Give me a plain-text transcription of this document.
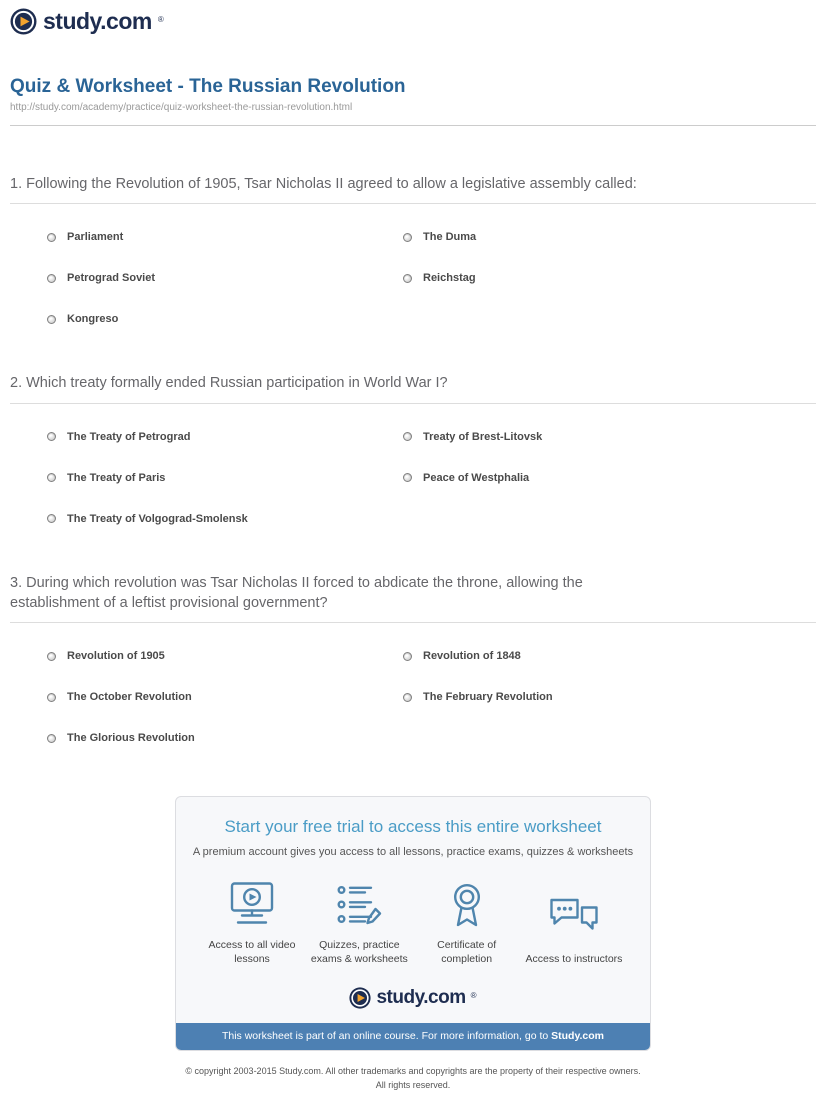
study.com ®
Quiz & Worksheet - The Russian Revolution

http://study.com/academy/practice/quiz-worksheet-the-russian-revolution.html

1. Following the Revolution of 1905, Tsar Nicholas II agreed to allow a legislative assembly called:

Parliament
Petrograd Soviet
Kongreso
The Duma
Reichstag

2. Which treaty formally ended Russian participation in World War I?

The Treaty of Petrograd
The Treaty of Paris
The Treaty of Volgograd-Smolensk
Treaty of Brest-Litovsk
Peace of Westphalia

3. During which revolution was Tsar Nicholas II forced to abdicate the throne, allowing the establishment of a leftist provisional government?

Revolution of 1905
The October Revolution
The Glorious Revolution
Revolution of 1848
The February Revolution
Start your free trial to access this entire worksheet

A premium account gives you access to all lessons, practice exams, quizzes & worksheets

Access to all video lessons
Quizzes, practice exams & worksheets
Certificate of completion	Access to instructors
study.com ®
This worksheet is part of an online course. For more information, go to Study.com
© copyright 2003-2015 Study.com. All other trademarks and copyrights are the property of their respective owners.
All rights reserved.
